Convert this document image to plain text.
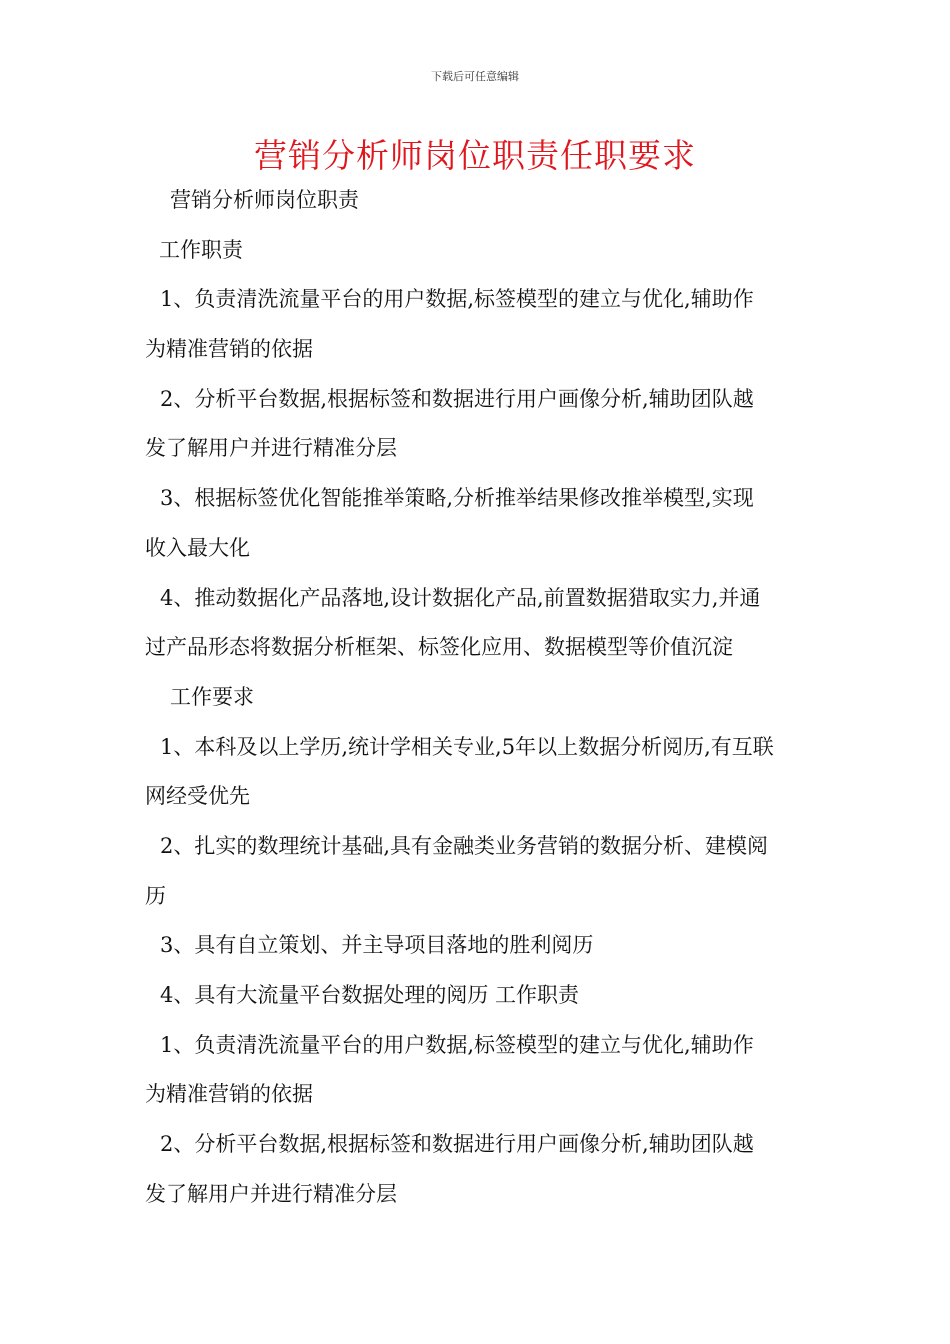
下载后可任意编辑
营销分析师岗位职责任职要求
营销分析师岗位职责
工作职责
1、负责清洗流量平台的用户数据,标签模型的建立与优化,辅助作
为精准营销的依据
2、分析平台数据,根据标签和数据进行用户画像分析,辅助团队越
发了解用户并进行精准分层
3、根据标签优化智能推举策略,分析推举结果修改推举模型,实现
收入最大化
4、推动数据化产品落地,设计数据化产品,前置数据猎取实力,并通
过产品形态将数据分析框架、标签化应用、数据模型等价值沉淀
工作要求
1、本科及以上学历,统计学相关专业,5年以上数据分析阅历,有互联
网经受优先
2、扎实的数理统计基础,具有金融类业务营销的数据分析、建模阅
历
3、具有自立策划、并主导项目落地的胜利阅历
4、具有大流量平台数据处理的阅历 工作职责
1、负责清洗流量平台的用户数据,标签模型的建立与优化,辅助作
为精准营销的依据
2、分析平台数据,根据标签和数据进行用户画像分析,辅助团队越
发了解用户并进行精准分层
